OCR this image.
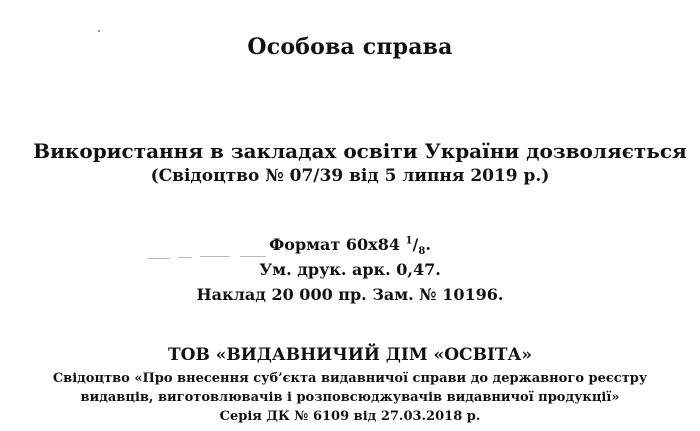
Особова справа
Використання в закладах освіти України дозволяється
(Свідоцтво № 07/39 від 5 липня 2019 р.)
Формат 60x84 $^1/_8$.
Ум. друк. арк. 0,47.
Наклад 20 000 пр. Зам. № 10196.
ТОВ «ВИДАВНИЧИЙ ДІМ «ОСВІТА»
Свідоцтво «Про внесення суб’єкта видавничої справи до державного реєстру
видавців, виготовлювачів і розповсюджувачів видавничої продукції»
Серія ДК № 6109 від 27.03.2018 р.
